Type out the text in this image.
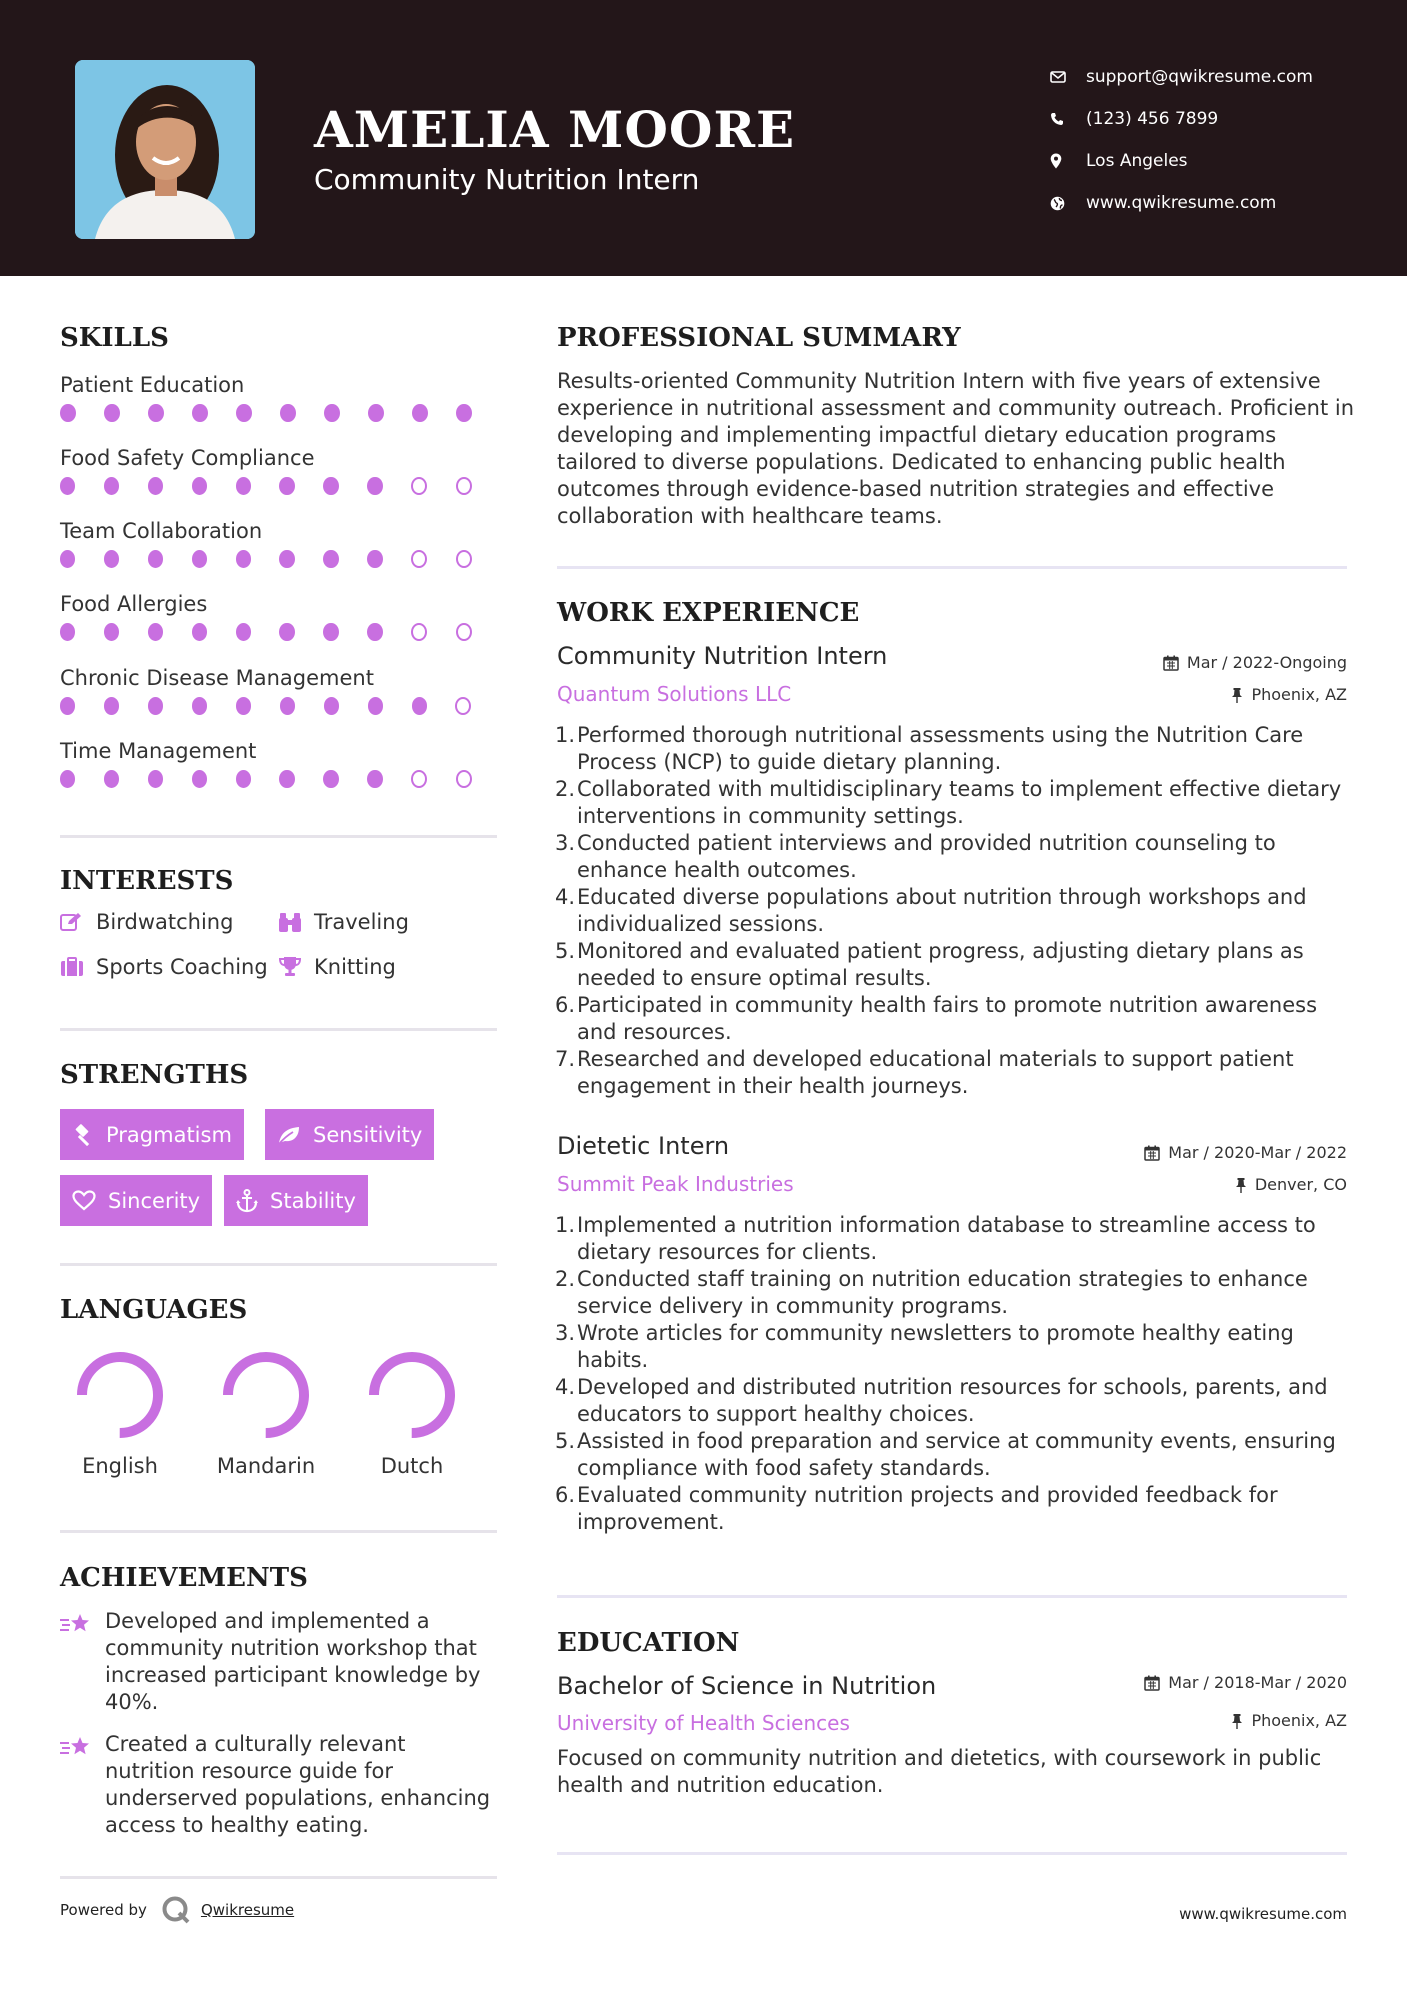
AMELIA MOORE
Community Nutrition Intern
support@qwikresume.com
(123) 456 7899
Los Angeles
www.qwikresume.com
SKILLS
Patient Education
Food Safety Compliance
Team Collaboration
Food Allergies
Chronic Disease Management
Time Management
INTERESTS
Birdwatching	Traveling
Sports Coaching Knitting
STRENGTHS
Pragmatism	Sensitivity
Sincerity	Stability
LANGUAGES
English	Mandarin	Dutch
ACHIEVEMENTS
Developed and implemented a community nutrition workshop that increased participant knowledge by 40%.
Created a culturally relevant nutrition resource guide for underserved populations, enhancing access to healthy eating.
PROFESSIONAL SUMMARY
Results-oriented Community Nutrition Intern with five years of extensive experience in nutritional assessment and community outreach. Proficient in developing and implementing impactful dietary education programs tailored to diverse populations. Dedicated to enhancing public health outcomes through evidence-based nutrition strategies and effective collaboration with healthcare teams.
WORK EXPERIENCE
Community Nutrition Intern	Mar / 2022-Ongoing
Quantum Solutions LLC	Phoenix, AZ
1. Performed thorough nutritional assessments using the Nutrition Care Process (NCP) to guide dietary planning.
2. Collaborated with multidisciplinary teams to implement effective dietary interventions in community settings.
3. Conducted patient interviews and provided nutrition counseling to enhance health outcomes.
4. Educated diverse populations about nutrition through workshops and individualized sessions.
5. Monitored and evaluated patient progress, adjusting dietary plans as needed to ensure optimal results.
6. Participated in community health fairs to promote nutrition awareness and resources.
7. Researched and developed educational materials to support patient engagement in their health journeys.
Dietetic Intern	Mar / 2020-Mar / 2022
Summit Peak Industries	Denver, CO
1. Implemented a nutrition information database to streamline access to dietary resources for clients.
2. Conducted staff training on nutrition education strategies to enhance service delivery in community programs.
3. Wrote articles for community newsletters to promote healthy eating habits.
4. Developed and distributed nutrition resources for schools, parents, and educators to support healthy choices.
5. Assisted in food preparation and service at community events, ensuring compliance with food safety standards.
6. Evaluated community nutrition projects and provided feedback for improvement.
EDUCATION
Bachelor of Science in Nutrition	Mar / 2018-Mar / 2020
University of Health Sciences	Phoenix, AZ
Focused on community nutrition and dietetics, with coursework in public health and nutrition education.
Powered by	Qwikresume	www.qwikresume.com
